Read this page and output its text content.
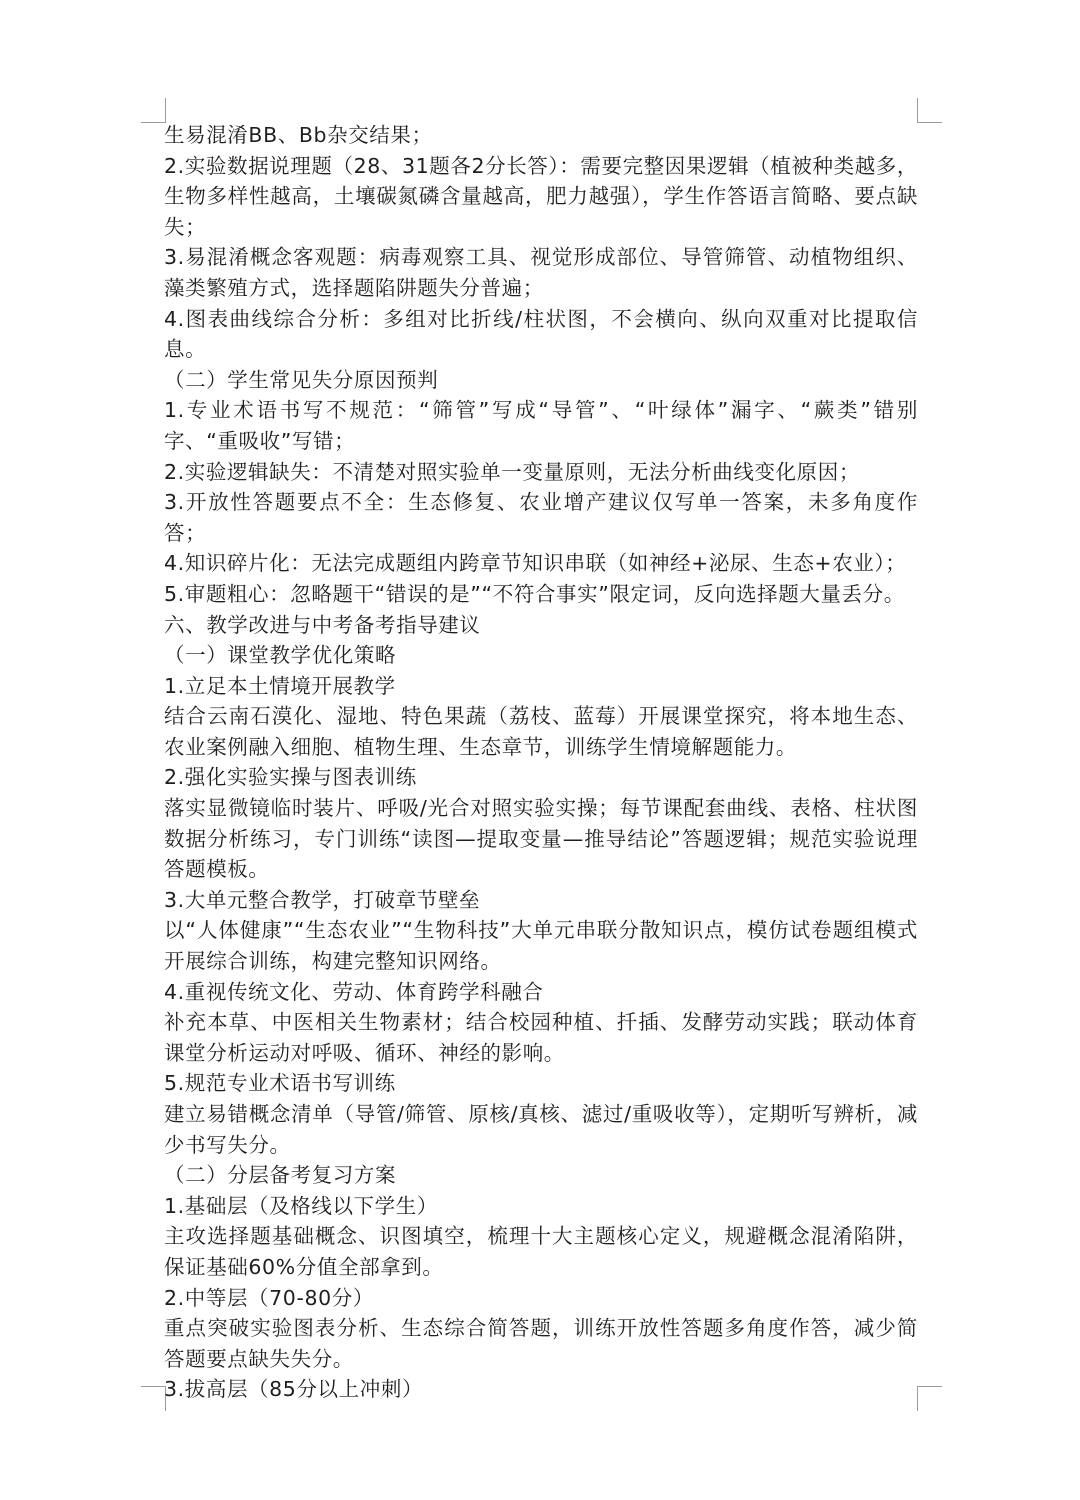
生易混淆BB、Bb杂交结果；

2.实验数据说理题（28、31题各2分长答）：需要完整因果逻辑（植被种类越多，生物多样性越高，土壤碳氮磷含量越高，肥力越强），学生作答语言简略、要点缺失；

3.易混淆概念客观题：病毒观察工具、视觉形成部位、导管筛管、动植物组织、藻类繁殖方式，选择题陷阱题失分普遍；

4.图表曲线综合分析：多组对比折线/柱状图，不会横向、纵向双重对比提取信息。

（二）学生常见失分原因预判

1.专业术语书写不规范：“筛管”写成“导管”、“叶绿体”漏字、“蕨类”错别字、“重吸收”写错；

2.实验逻辑缺失：不清楚对照实验单一变量原则，无法分析曲线变化原因；

3.开放性答题要点不全：生态修复、农业增产建议仅写单一答案，未多角度作答；

4.知识碎片化：无法完成题组内跨章节知识串联（如神经+泌尿、生态+农业）；

5.审题粗心：忽略题干“错误的是”“不符合事实”限定词，反向选择题大量丢分。

六、教学改进与中考备考指导建议

（一）课堂教学优化策略

1.立足本土情境开展教学

结合云南石漠化、湿地、特色果蔬（荔枝、蓝莓）开展课堂探究，将本地生态、农业案例融入细胞、植物生理、生态章节，训练学生情境解题能力。

2.强化实验实操与图表训练

落实显微镜临时装片、呼吸/光合对照实验实操；每节课配套曲线、表格、柱状图数据分析练习，专门训练“读图—提取变量—推导结论”答题逻辑；规范实验说理答题模板。

3.大单元整合教学，打破章节壁垒

以“人体健康”“生态农业”“生物科技”大单元串联分散知识点，模仿试卷题组模式开展综合训练，构建完整知识网络。

4.重视传统文化、劳动、体育跨学科融合

补充本草、中医相关生物素材；结合校园种植、扦插、发酵劳动实践；联动体育课堂分析运动对呼吸、循环、神经的影响。

5.规范专业术语书写训练

建立易错概念清单（导管/筛管、原核/真核、滤过/重吸收等），定期听写辨析，减少书写失分。

（二）分层备考复习方案

1.基础层（及格线以下学生）

主攻选择题基础概念、识图填空，梳理十大主题核心定义，规避概念混淆陷阱，保证基础60%分值全部拿到。

2.中等层（70-80分）

重点突破实验图表分析、生态综合简答题，训练开放性答题多角度作答，减少简答题要点缺失失分。

3.拔高层（85分以上冲刺）
